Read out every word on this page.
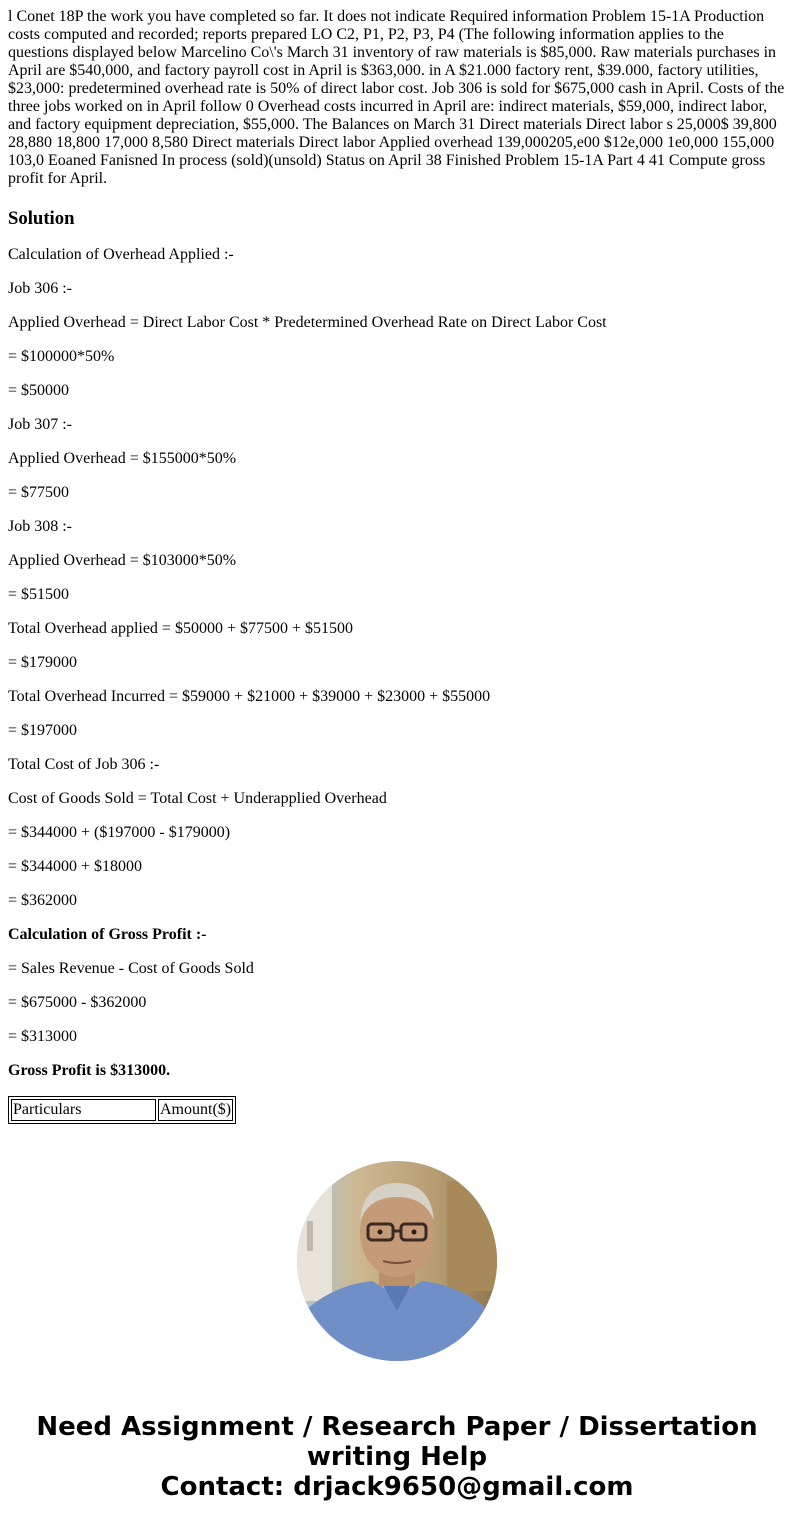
l Conet 18P the work you have completed so far. It does not indicate Required information Problem 15-1A Production costs computed and recorded; reports prepared LO C2, P1, P2, P3, P4 (The following information applies to the questions displayed below Marcelino Co\'s March 31 inventory of raw materials is $85,000. Raw materials purchases in April are $540,000, and factory payroll cost in April is $363,000. in A $21.000 factory rent, $39.000, factory utilities, $23,000: predetermined overhead rate is 50% of direct labor cost. Job 306 is sold for $675,000 cash in April. Costs of the three jobs worked on in April follow 0 Overhead costs incurred in April are: indirect materials, $59,000, indirect labor, and factory equipment depreciation, $55,000. The Balances on March 31 Direct materials Direct labor s 25,000$ 39,800 28,880 18,800 17,000 8,580 Direct materials Direct labor Applied overhead 139,000205,e00 $12e,000 1e0,000 155,000 103,0 Eoaned Fanisned In process (sold)(unsold) Status on April 38 Finished Problem 15-1A Part 4 41 Compute gross profit for April.
Solution

Calculation of Overhead Applied :-

Job 306 :-

Applied Overhead = Direct Labor Cost * Predetermined Overhead Rate on Direct Labor Cost

= $100000*50%

= $50000

Job 307 :-

Applied Overhead = $155000*50%

= $77500

Job 308 :-

Applied Overhead = $103000*50%

= $51500

Total Overhead applied = $50000 + $77500 + $51500

= $179000

Total Overhead Incurred = $59000 + $21000 + $39000 + $23000 + $55000

= $197000

Total Cost of Job 306 :-

Cost of Goods Sold = Total Cost + Underapplied Overhead

= $344000 + ($197000 - $179000)

= $344000 + $18000

= $362000

Calculation of Gross Profit :-

= Sales Revenue - Cost of Goods Sold

= $675000 - $362000

= $313000

Gross Profit is $313000.

Particulars	Amount($)
Need Assignment / Research Paper / Dissertation
writing Help
Contact: drjack9650@gmail.com
